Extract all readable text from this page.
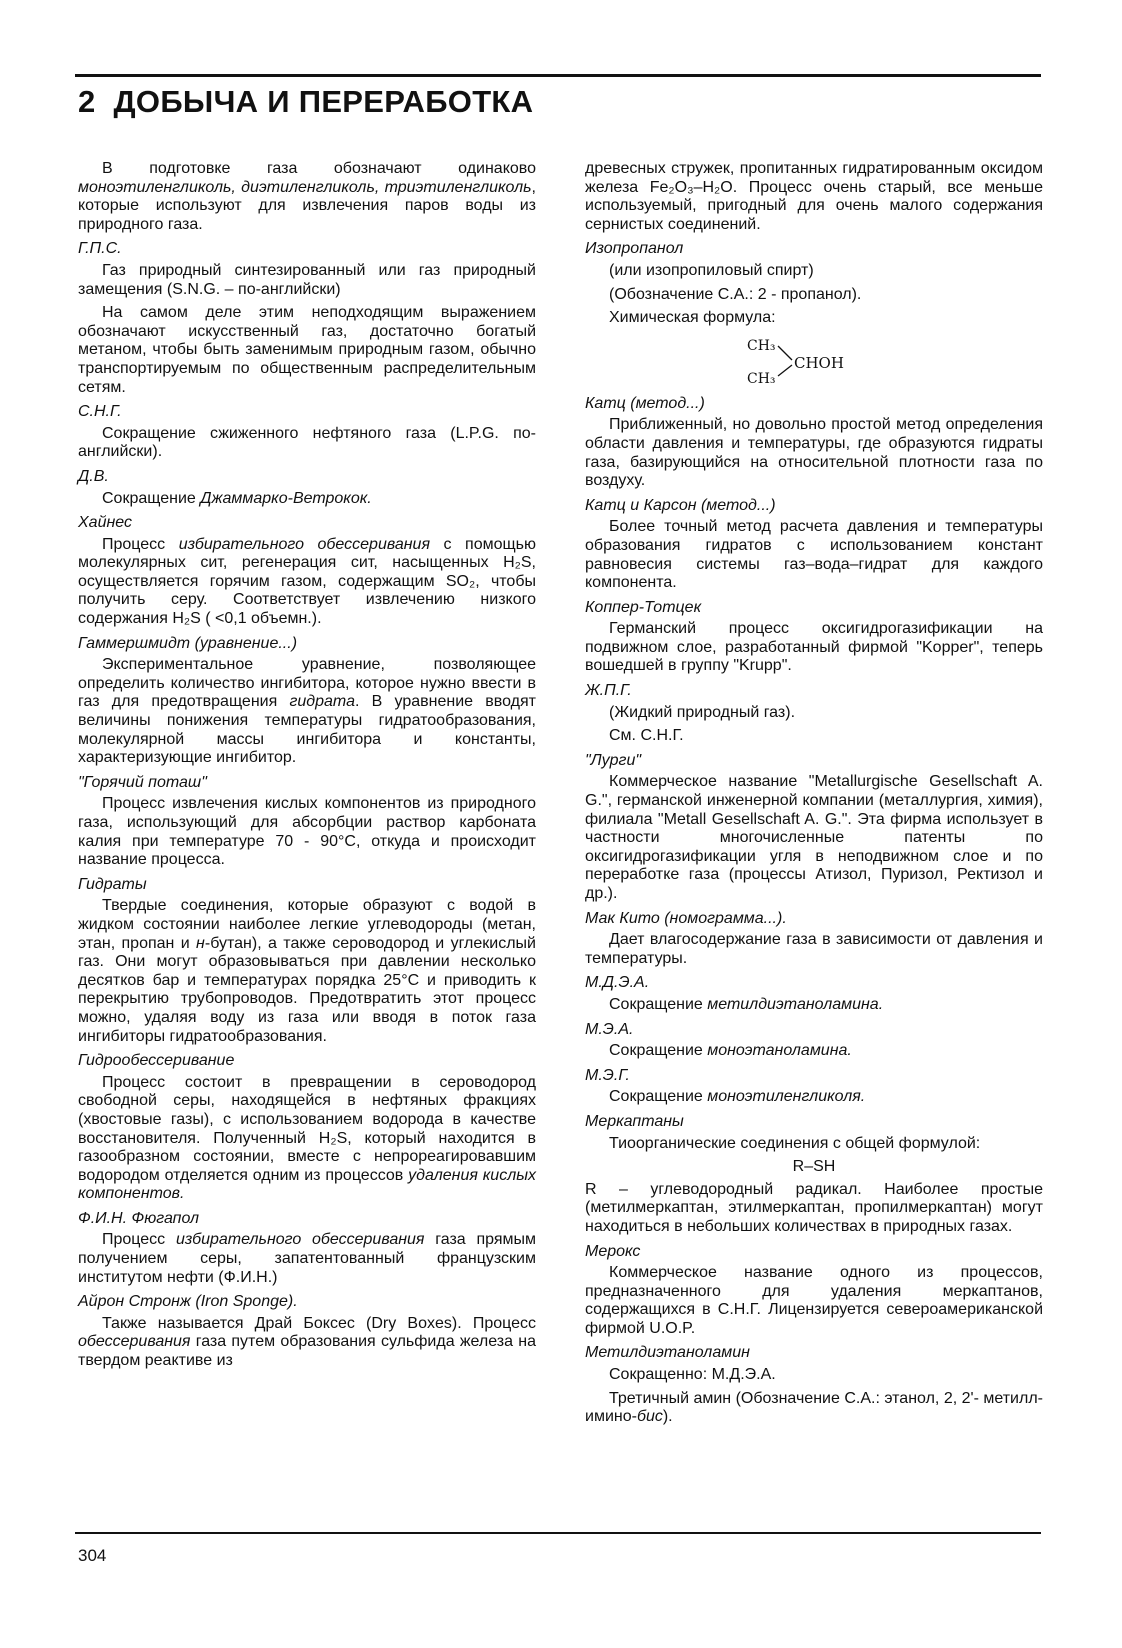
2 ДОБЫЧА И ПЕРЕРАБОТКА
В подготовке газа обозначают одинаково моноэтиленгликоль, диэтиленгликоль, триэтиленгликоль, которые используют для извлечения паров воды из природного газа.
Г.П.С.
Газ природный синтезированный или газ природный замещения (S.N.G. – по-английски)
На самом деле этим неподходящим выражением обозначают искусственный газ, достаточно богатый метаном, чтобы быть заменимым природным газом, обычно транспортируемым по общественным распределительным сетям.
С.Н.Г.
Сокращение сжиженного нефтяного газа (L.P.G. по-английски).
Д.В.
Сокращение Джаммарко-Ветрокок.
Хайнес
Процесс избирательного обессеривания с помощью молекулярных сит, регенерация сит, насыщенных H₂S, осуществляется горячим газом, содержащим SO₂, чтобы получить серу. Соответствует извлечению низкого содержания H₂S ( <0,1 объемн.).
Гаммершмидт (уравнение...)
Экспериментальное уравнение, позволяющее определить количество ингибитора, которое нужно ввести в газ для предотвращения гидрата. В уравнение вводят величины понижения температуры гидратообразования, молекулярной массы ингибитора и константы, характеризующие ингибитор.
"Горячий поташ"
Процесс извлечения кислых компонентов из природного газа, использующий для абсорбции раствор карбоната калия при температуре 70 - 90°С, откуда и происходит название процесса.
Гидраты
Твердые соединения, которые образуют с водой в жидком состоянии наиболее легкие углеводороды (метан, этан, пропан и н-бутан), а также сероводород и углекислый газ. Они могут образовываться при давлении несколько десятков бар и температурах порядка 25°С и приводить к перекрытию трубопроводов. Предотвратить этот процесс можно, удаляя воду из газа или вводя в поток газа ингибиторы гидратообразования.
Гидрообессеривание
Процесс состоит в превращении в сероводород свободной серы, находящейся в нефтяных фракциях (хвостовые газы), с использованием водорода в качестве восстановителя. Полученный H₂S, который находится в газообразном состоянии, вместе с непрореагировавшим водородом отделяется одним из процессов удаления кислых компонентов.
Ф.И.Н. Фюгапол
Процесс избирательного обессеривания газа прямым получением серы, запатентованный французским институтом нефти (Ф.И.Н.)
Айрон Стронж (Iron Sponge).
Также называется Драй Боксес (Dry Boxes). Процесс обессеривания газа путем образования сульфида железа на твердом реактиве из
древесных стружек, пропитанных гидратированным оксидом железа Fe₂O₃–H₂O. Процесс очень старый, все меньше используемый, пригодный для очень малого содержания сернистых соединений.
Изопропанол
(или изопропиловый спирт)
(Обозначение С.А.: 2 - пропанол).
Химическая формула:
CH₃
CH₃
CHOH
Катц (метод...)
Приближенный, но довольно простой метод определения области давления и температуры, где образуются гидраты газа, базирующийся на относительной плотности газа по воздуху.
Катц и Карсон (метод...)
Более точный метод расчета давления и температуры образования гидратов с использованием констант равновесия системы газ–вода–гидрат для каждого компонента.
Коппер-Тотцек
Германский процесс оксигидрогазификации на подвижном слое, разработанный фирмой "Kopper", теперь вошедшей в группу "Krupp".
Ж.П.Г.
(Жидкий природный газ).
См. С.Н.Г.
"Лурги"
Коммерческое название "Metallurgische Gesellschaft A. G.", германской инженерной компании (металлургия, химия), филиала "Metall Gesellschaft A. G.". Эта фирма использует в частности многочисленные патенты по оксигидрогазификации угля в неподвижном слое и по переработке газа (процессы Атизол, Пуризол, Ректизол и др.).
Мак Кито (номограмма...).
Дает влагосодержание газа в зависимости от давления и температуры.
М.Д.Э.А.
Сокращение метилдиэтаноламина.
М.Э.А.
Сокращение моноэтаноламина.
М.Э.Г.
Сокращение моноэтиленгликоля.
Меркаптаны
Тиоорганические соединения с общей формулой:
R–SH
R – углеводородный радикал. Наиболее простые (метилмеркаптан, этилмеркаптан, пропилмеркаптан) могут находиться в небольших количествах в природных газах.
Мерокс
Коммерческое название одного из процессов, предназначенного для удаления меркаптанов, содержащихся в С.Н.Г. Лицензируется североамериканской фирмой U.O.P.
Метилдиэтаноламин
Сокращенно: М.Д.Э.А.
Третичный амин (Обозначение С.А.: этанол, 2, 2'- метилл-имино-бис).
304
